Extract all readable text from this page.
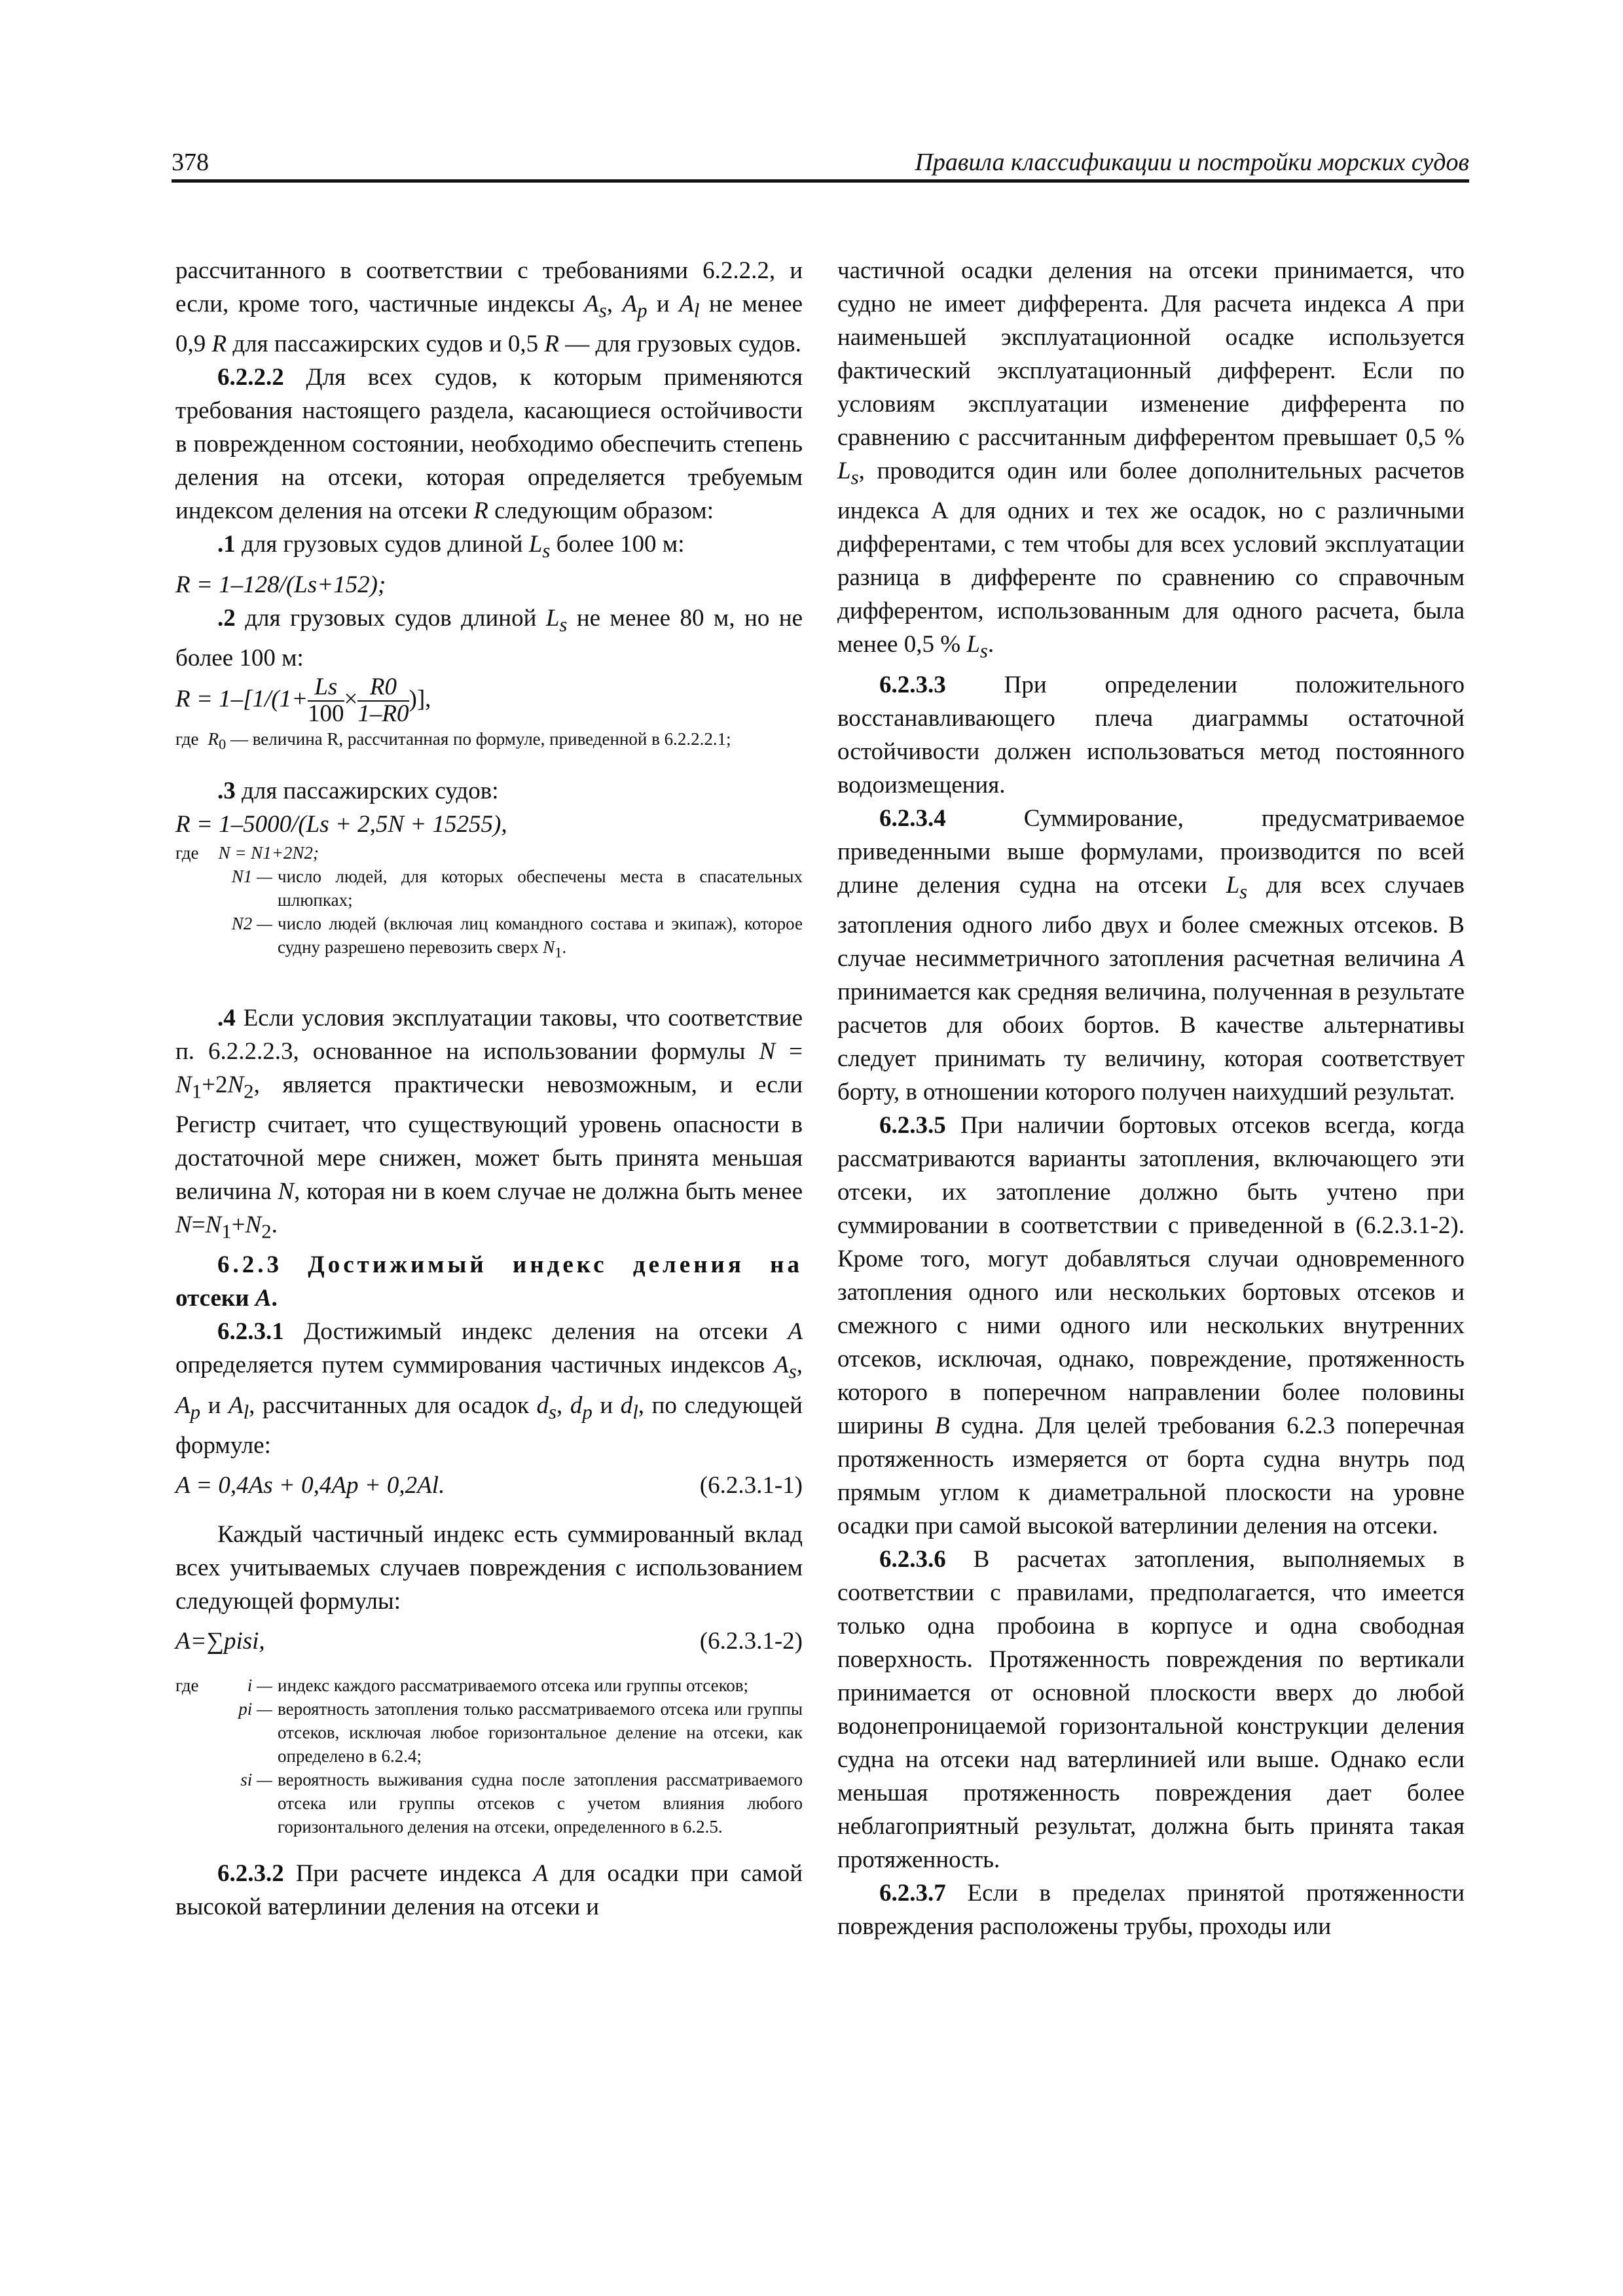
378	Правила классификации и постройки морских судов

рассчитанного в соответствии с требованиями 6.2.2.2, и если, кроме того, частичные индексы $A_s$, $A_p$ и $A_l$ не менее 0,9 R для пассажирских судов и 0,5 R — для грузовых судов.

6.2.2.2 Для всех судов, к которым применяются требования настоящего раздела, касающиеся остойчивости в поврежденном состоянии, необходимо обеспечить степень деления на отсеки, которая определяется требуемым индексом деления на отсеки R следующим образом:

.1 для грузовых судов длиной $L_s$ более 100 м:

R = 1–128/(Ls+152);

.2 для грузовых судов длиной $L_s$ не менее 80 м, но не более 100 м:

$R = 1-[1/(1+ \frac{Ls}{100} \times \frac{R0}{1-R0}$ )],

где $R_0$ — величина R, рассчитанная по формуле, приведенной в 6.2.2.2.1;

.3 для пассажирских судов:

R = 1–5000/(Ls + 2,5N + 15255),

где	N = N1+2N2;
N1 — число людей, для которых обеспечены места в спасательных шлюпках;
N2 — число людей (включая лиц командного состава и экипаж), которое судну разрешено перевозить сверх $N_1$.

.4 Если условия эксплуатации таковы, что соответствие п. 6.2.2.2.3, основанное на использовании формулы $N = N_1+2N_2$, является практически невозможным, и если Регистр считает, что существующий уровень опасности в достаточной мере снижен, может быть принята меньшая величина N, которая ни в коем случае не должна быть менее $N=N_1+N_2$.

6.2.3 Достижимый индекс деления на отсеки A.

6.2.3.1 Достижимый индекс деления на отсеки A определяется путем суммирования частичных индексов $A_s$, $A_p$ и $A_l$, рассчитанных для осадок $d_s$, $d_p$ и $d_l$, по следующей формуле:

A = 0,4As + 0,4Ap + 0,2Al.	(6.2.3.1-1)

Каждый частичный индекс есть суммированный вклад всех учитываемых случаев повреждения с использованием следующей формулы:

A=∑pisi,	(6.2.3.1-2)
где	i — индекс каждого рассматриваемого отсека или группы отсеков;
pi — вероятность затопления только рассматриваемого отсека или группы отсеков, исключая любое горизонтальное деление на отсеки, как определено в 6.2.4;
si — вероятность выживания судна после затопления рассматриваемого отсека или группы отсеков с учетом влияния любого горизонтального деления на отсеки, определенного в 6.2.5.

6.2.3.2 При расчете индекса A для осадки при самой высокой ватерлинии деления на отсеки и

частичной осадки деления на отсеки принимается, что судно не имеет дифферента. Для расчета индекса A при наименьшей эксплуатационной осадке используется фактический эксплуатационный дифферент. Если по условиям эксплуатации изменение дифферента по сравнению с рассчитанным дифферентом превышает 0,5 % $L_s$, проводится один или более дополнительных расчетов индекса А для одних и тех же осадок, но с различными дифферентами, с тем чтобы для всех условий эксплуатации разница в дифференте по сравнению со справочным дифферентом, использованным для одного расчета, была менее 0,5 % $L_s$.

6.2.3.3 При определении положительного восстанавливающего плеча диаграммы остаточной остойчивости должен использоваться метод постоянного водоизмещения.

6.2.3.4	Суммирование, предусматриваемое приведенными выше формулами, производится по всей длине деления судна на отсеки $L_s$ для всех случаев затопления одного либо двух и более смежных отсеков. В случае несимметричного затопления расчетная величина A принимается как средняя величина, полученная в результате расчетов для обоих бортов. В качестве альтернативы следует принимать ту величину, которая соответствует борту, в отношении которого получен наихудший результат.

6.2.3.5 При наличии бортовых отсеков всегда, когда рассматриваются варианты затопления, включающего эти отсеки, их затопление должно быть учтено при суммировании в соответствии с приведенной в (6.2.3.1-2). Кроме того, могут добавляться случаи одновременного затопления одного или нескольких бортовых отсеков и смежного с ними одного или нескольких внутренних отсеков, исключая, однако, повреждение, протяженность которого в поперечном направлении более половины ширины B судна. Для целей требования 6.2.3 поперечная протяженность измеряется от борта судна внутрь под прямым углом к диаметральной плоскости на уровне осадки при самой высокой ватерлинии деления на отсеки.

6.2.3.6 В расчетах затопления, выполняемых в соответствии с правилами, предполагается, что имеется только одна пробоина в корпусе и одна свободная поверхность. Протяженность повреждения по вертикали принимается от основной плоскости вверх до любой водонепроницаемой горизонтальной конструкции деления судна на отсеки над ватерлинией или выше. Однако если меньшая протяженность повреждения дает более неблагоприятный результат, должна быть принята такая протяженность.

6.2.3.7 Если в пределах принятой протяженности повреждения расположены трубы, проходы или
